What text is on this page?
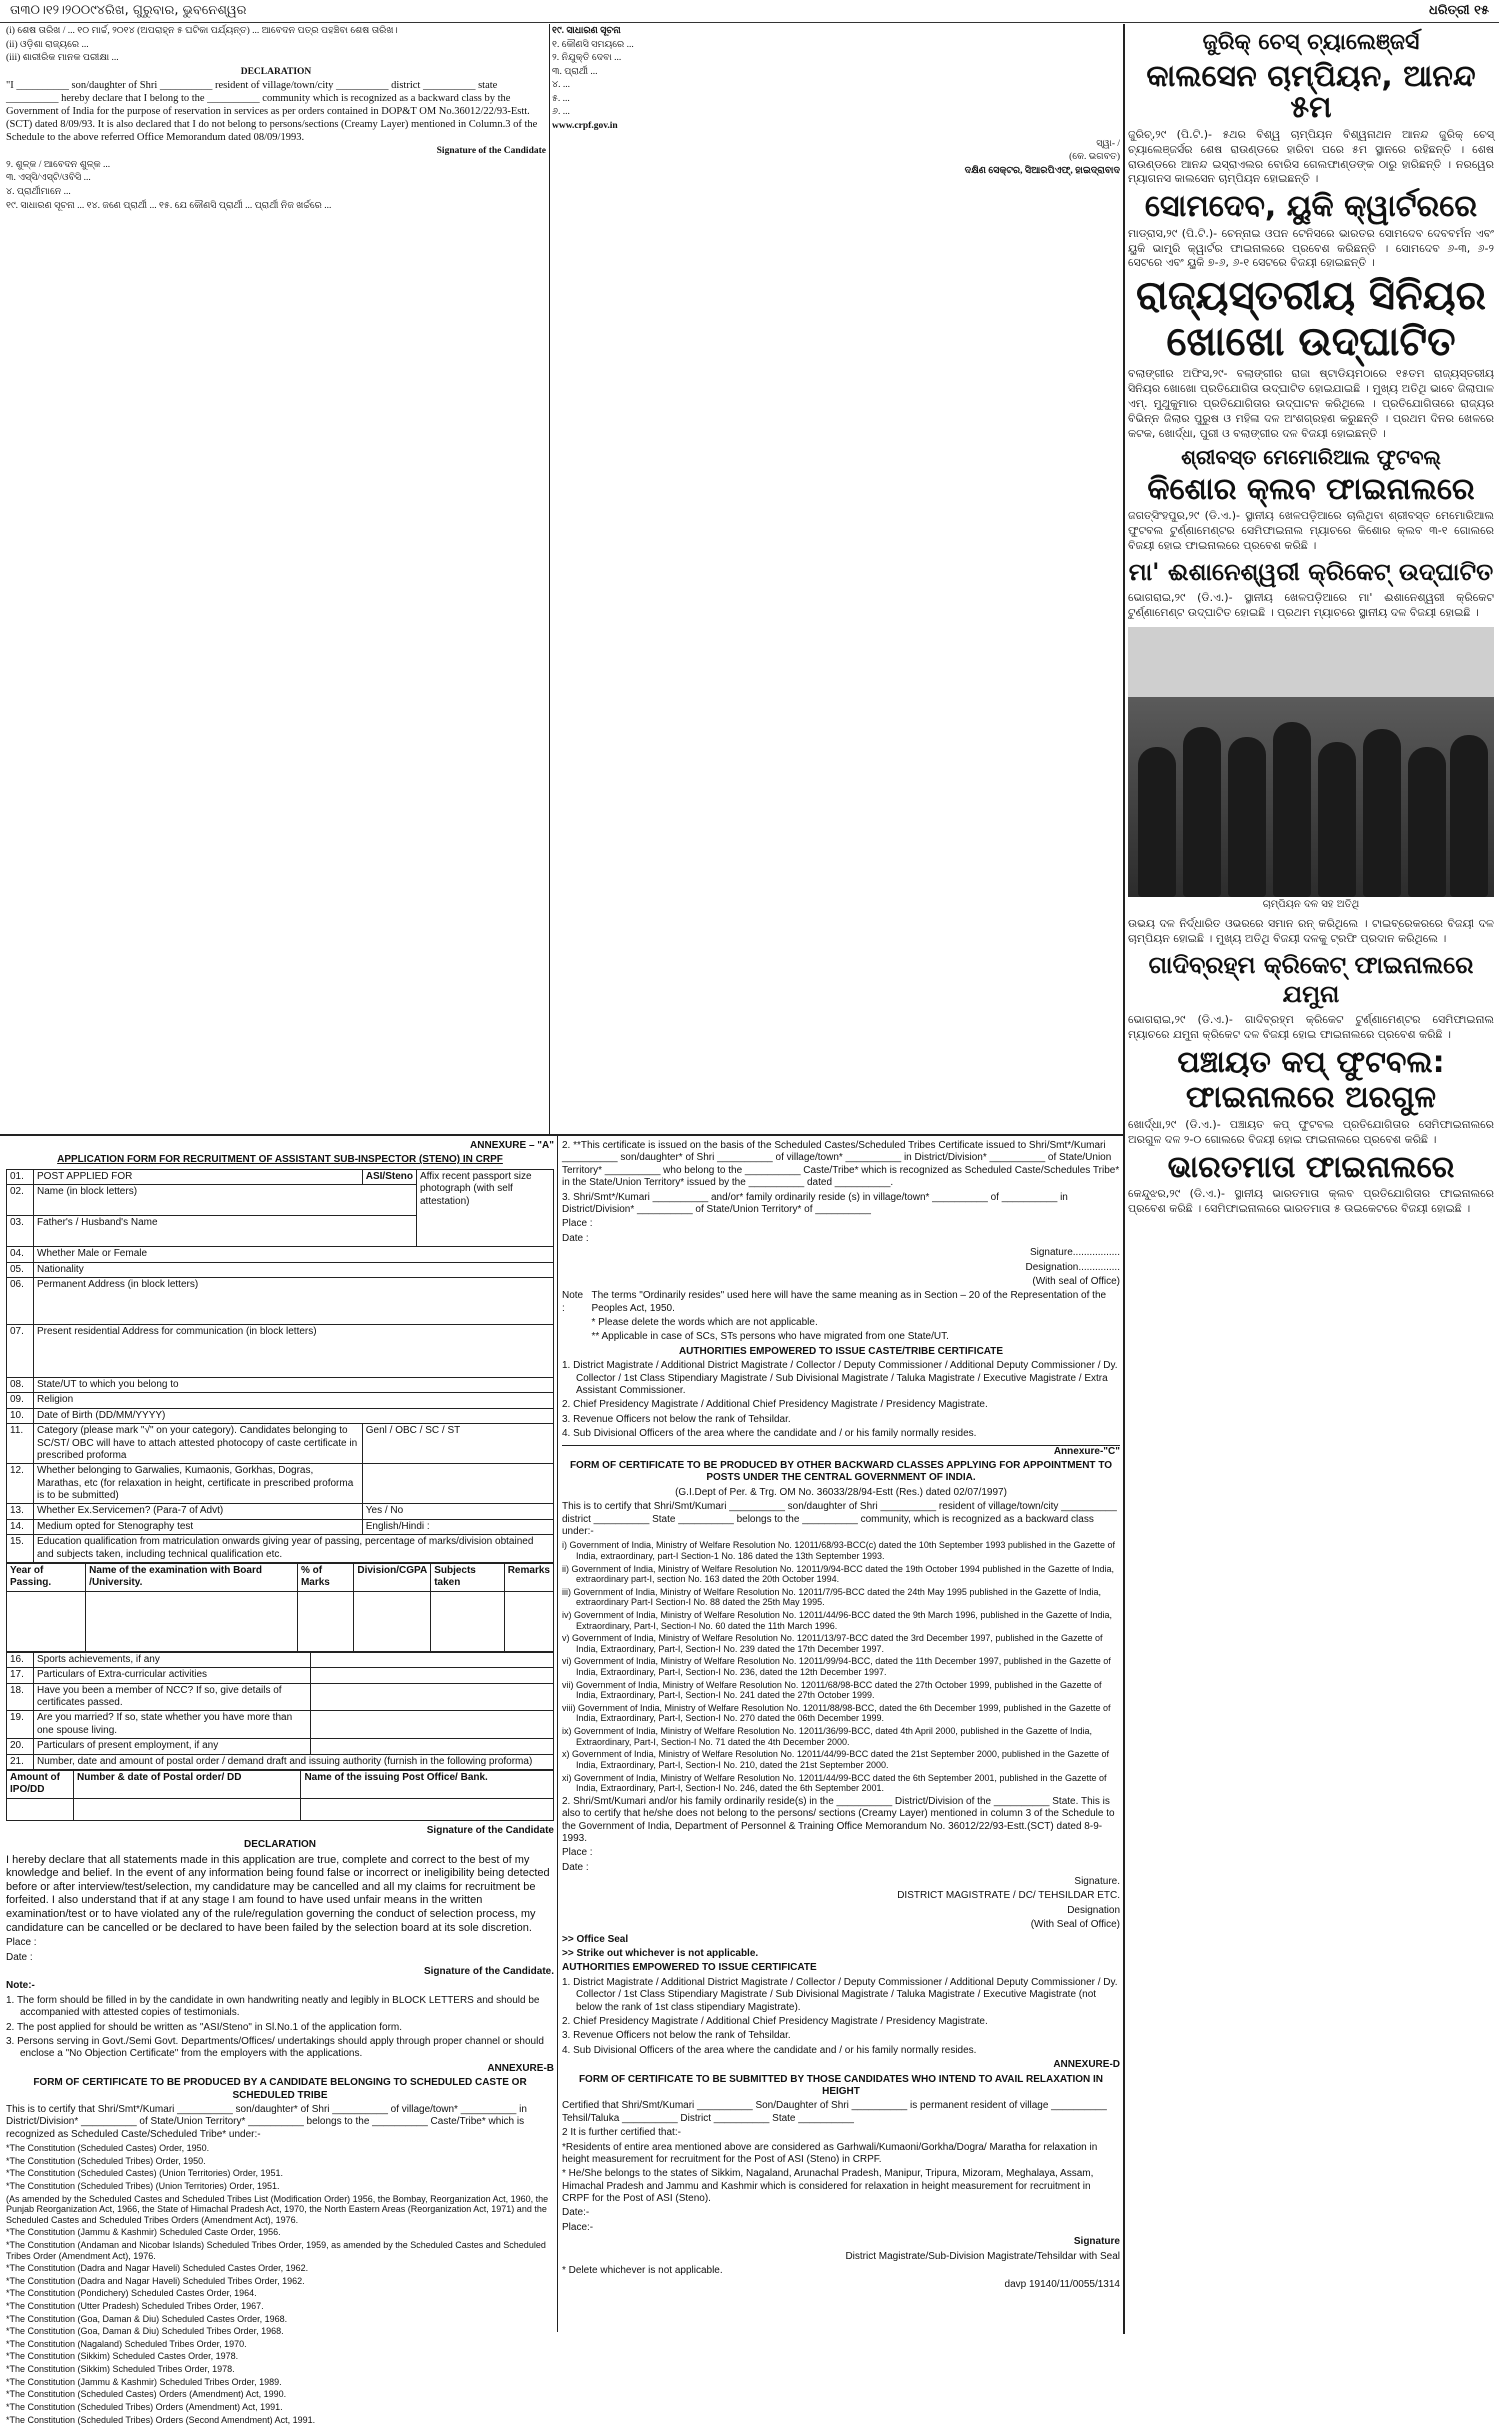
ତା୩୦।୧୨।୨୦୦୯୪ରିଖ, ଗୁରୁବାର, ଭୁବନେଶ୍ୱର	ଧରିତ୍ରୀ ୧୫

(i) ଶେଷ ତାରିଖ / ... ୧୦ ମାର୍ଚ୍ଚ, ୨୦୧୪ (ଅପରାହ୍ନ ୫ ଘଟିକା ପର୍ଯ୍ୟନ୍ତ) ... ଆବେଦନ ପତ୍ର ପହଞ୍ଚିବା ଶେଷ ତାରିଖ।

(ii) ଓଡ଼ିଶା ରାଜ୍ୟରେ ...

(iii) ଶାରୀରିକ ମାନକ ପରୀକ୍ଷା ...

DECLARATION

"I __________ son/daughter of Shri __________ resident of village/town/city __________ district __________ state __________ hereby declare that I belong to the __________ community which is recognized as a backward class by the Government of India for the purpose of reservation in services as per orders contained in DOP&T OM No.36012/22/93-Estt.(SCT) dated 8/09/93. It is also declared that I do not belong to persons/sections (Creamy Layer) mentioned in Column.3 of the Schedule to the above referred Office Memorandum dated 08/09/1993.

Signature of the Candidate

୨. ଶୁଳ୍କ / ଆବେଦନ ଶୁଳ୍କ ...

୩. ଏସ୍‌ସି/ଏସ୍‌ଟି/ଓବିସି ...

୪. ପ୍ରାର୍ଥୀମାନେ ...

୧୯. ସାଧାରଣ ସୂଚନା ... ୧୪. ଜଣେ ପ୍ରାର୍ଥୀ ... ୧୫. ଯେ କୌଣସି ପ୍ରାର୍ଥୀ ... ପ୍ରାର୍ଥୀ ନିଜ ଖର୍ଚ୍ଚରେ ...

୧୯. ସାଧାରଣ ସୂଚନା

୧. କୌଣସି ସମୟରେ ...

୨. ନିଯୁକ୍ତି ଦେବା ...

୩. ପ୍ରାର୍ଥୀ ...

୪. ...

୫. ...

୬. ...

www.crpf.gov.in

ସ୍ୱା- /

(କେ. ଭଗବତ)

ଦକ୍ଷିଣ ସେକ୍ଟର, ସିଆରପିଏଫ୍, ହାଇଦ୍ରାବାଦ

ANNEXURE – "A"

APPLICATION FORM FOR RECRUITMENT OF ASSISTANT SUB-INSPECTOR (STENO) IN CRPF

01.	POST APPLIED FOR	ASI/Steno	Affix recent passport size photograph (with self attestation)
02.	Name (in block letters)		
03.	Father's / Husband's Name		
04.	Whether Male or Female		
05.	Nationality		
06.	Permanent Address (in block letters)		
07.	Present residential Address for communication (in block letters)		
08.	State/UT to which you belong to		
09.	Religion		
10.	Date of Birth (DD/MM/YYYY)		
11.	Category (please mark "√" on your category). Candidates belonging to SC/ST/ OBC will have to attach attested photocopy of caste certificate in prescribed proforma	Genl / OBC / SC / ST	
12.	Whether belonging to Garwalies, Kumaonis, Gorkhas, Dogras, Marathas, etc (for relaxation in height, certificate in prescribed proforma is to be submitted)		
13.	Whether Ex.Servicemen? (Para-7 of Advt)	Yes / No	
14.	Medium opted for Stenography test	English/Hindi :	
15.	Education qualification from matriculation onwards giving year of passing, percentage of marks/division obtained and subjects taken, including technical qualification etc.		
Year of Passing.	Name of the examination with Board /University.	% of Marks	Division/CGPA	Subjects taken	Remarks

16.	Sports achievements, if any	
17.	Particulars of Extra-curricular activities	
18.	Have you been a member of NCC? If so, give details of certificates passed.	
19.	Are you married? If so, state whether you have more than one spouse living.	
20.	Particulars of present employment, if any	
21.	Number, date and amount of postal order / demand draft and issuing authority (furnish in the following proforma)	
Amount of IPO/DD	Number & date of Postal order/ DD	Name of the issuing Post Office/ Bank.

Signature of the Candidate

DECLARATION

I hereby declare that all statements made in this application are true, complete and correct to the best of my knowledge and belief. In the event of any information being found false or incorrect or ineligibility being detected before or after interview/test/selection, my candidature may be cancelled and all my claims for recruitment be forfeited. I also understand that if at any stage I am found to have used unfair means in the written examination/test or to have violated any of the rule/regulation governing the conduct of selection process, my candidature can be cancelled or be declared to have been failed by the selection board at its sole discretion.

Place :

Date :

Signature of the Candidate.

Note:-

1. The form should be filled in by the candidate in own handwriting neatly and legibly in BLOCK LETTERS and should be accompanied with attested copies of testimonials.

2. The post applied for should be written as "ASI/Steno" in Sl.No.1 of the application form.

3. Persons serving in Govt./Semi Govt. Departments/Offices/ undertakings should apply through proper channel or should enclose a "No Objection Certificate" from the employers with the applications.

ANNEXURE-B

FORM OF CERTIFICATE TO BE PRODUCED BY A CANDIDATE BELONGING TO SCHEDULED CASTE OR SCHEDULED TRIBE

This is to certify that Shri/Smt*/Kumari __________ son/daughter* of Shri __________ of village/town* __________ in District/Division* __________ of State/Union Territory* __________ belongs to the __________ Caste/Tribe* which is recognized as Scheduled Caste/Scheduled Tribe* under:-

*The Constitution (Scheduled Castes) Order, 1950.

*The Constitution (Scheduled Tribes) Order, 1950.

*The Constitution (Scheduled Castes) (Union Territories) Order, 1951.

*The Constitution (Scheduled Tribes) (Union Territories) Order, 1951.

(As amended by the Scheduled Castes and Scheduled Tribes List (Modification Order) 1956, the Bombay, Reorganization Act, 1960, the Punjab Reorganization Act, 1966, the State of Himachal Pradesh Act, 1970, the North Eastern Areas (Reorganization Act, 1971) and the Scheduled Castes and Scheduled Tribes Orders (Amendment Act), 1976.

*The Constitution (Jammu & Kashmir) Scheduled Caste Order, 1956.

*The Constitution (Andaman and Nicobar Islands) Scheduled Tribes Order, 1959, as amended by the Scheduled Castes and Scheduled Tribes Order (Amendment Act), 1976.

*The Constitution (Dadra and Nagar Haveli) Scheduled Castes Order, 1962.

*The Constitution (Dadra and Nagar Haveli) Scheduled Tribes Order, 1962.

*The Constitution (Pondichery) Scheduled Castes Order, 1964.

*The Constitution (Utter Pradesh) Scheduled Tribes Order, 1967.

*The Constitution (Goa, Daman & Diu) Scheduled Castes Order, 1968.

*The Constitution (Goa, Daman & Diu) Scheduled Tribes Order, 1968.

*The Constitution (Nagaland) Scheduled Tribes Order, 1970.

*The Constitution (Sikkim) Scheduled Castes Order, 1978.

*The Constitution (Sikkim) Scheduled Tribes Order, 1978.

*The Constitution (Jammu & Kashmir) Scheduled Tribes Order, 1989.

*The Constitution (Scheduled Castes) Orders (Amendment) Act, 1990.

*The Constitution (Scheduled Tribes) Orders (Amendment) Act, 1991.

*The Constitution (Scheduled Tribes) Orders (Second Amendment) Act, 1991.

2. **This certificate is issued on the basis of the Scheduled Castes/Scheduled Tribes Certificate issued to Shri/Smt*/Kumari __________ son/daughter* of Shri __________ of village/town* __________ in District/Division* __________ of State/Union Territory* __________ who belong to the __________ Caste/Tribe* which is recognized as Scheduled Caste/Schedules Tribe* in the State/Union Territory* issued by the __________ dated __________.

3. Shri/Smt*/Kumari __________ and/or* family ordinarily reside (s) in village/town* __________ of __________ in District/Division* __________ of State/Union Territory* of __________

Place :

Date :

Signature.................

Designation...............

(With seal of Office)

Note :

The terms "Ordinarily resides" used here will have the same meaning as in Section – 20 of the Representation of the Peoples Act, 1950.

* Please delete the words which are not applicable.

** Applicable in case of SCs, STs persons who have migrated from one State/UT.

AUTHORITIES EMPOWERED TO ISSUE CASTE/TRIBE CERTIFICATE

1. District Magistrate / Additional District Magistrate / Collector / Deputy Commissioner / Additional Deputy Commissioner / Dy. Collector / 1st Class Stipendiary Magistrate / Sub Divisional Magistrate / Taluka Magistrate / Executive Magistrate / Extra Assistant Commissioner.

2. Chief Presidency Magistrate / Additional Chief Presidency Magistrate / Presidency Magistrate.

3. Revenue Officers not below the rank of Tehsildar.

4. Sub Divisional Officers of the area where the candidate and / or his family normally resides.

Annexure-"C"

FORM OF CERTIFICATE TO BE PRODUCED BY OTHER BACKWARD CLASSES APPLYING FOR APPOINTMENT TO POSTS UNDER THE CENTRAL GOVERNMENT OF INDIA.

(G.I.Dept of Per. & Trg. OM No. 36033/28/94-Estt (Res.) dated 02/07/1997)

This is to certify that Shri/Smt/Kumari __________ son/daughter of Shri __________ resident of village/town/city __________ district __________ State __________ belongs to the __________ community, which is recognized as a backward class under:-

i) Government of India, Ministry of Welfare Resolution No. 12011/68/93-BCC(c) dated the 10th September 1993 published in the Gazette of India, extraordinary, part-I Section-1 No. 186 dated the 13th September 1993.

ii) Government of India, Ministry of Welfare Resolution No. 12011/9/94-BCC dated the 19th October 1994 published in the Gazette of India, extraordinary part-I, section No. 163 dated the 20th October 1994.

iii) Government of India, Ministry of Welfare Resolution No. 12011/7/95-BCC dated the 24th May 1995 published in the Gazette of India, extraordinary Part-I Section-I No. 88 dated the 25th May 1995.

iv) Government of India, Ministry of Welfare Resolution No. 12011/44/96-BCC dated the 9th March 1996, published in the Gazette of India, Extraordinary, Part-I, Section-I No. 60 dated the 11th March 1996.

v) Government of India, Ministry of Welfare Resolution No. 12011/13/97-BCC dated the 3rd December 1997, published in the Gazette of India, Extraordinary, Part-I, Section-I No. 239 dated the 17th December 1997.

vi) Government of India, Ministry of Welfare Resolution No. 12011/99/94-BCC, dated the 11th December 1997, published in the Gazette of India, Extraordinary, Part-I, Section-I No. 236, dated the 12th December 1997.

vii) Government of India, Ministry of Welfare Resolution No. 12011/68/98-BCC dated the 27th October 1999, published in the Gazette of India, Extraordinary, Part-I, Section-I No. 241 dated the 27th October 1999.

viii) Government of India, Ministry of Welfare Resolution No. 12011/88/98-BCC, dated the 6th December 1999, published in the Gazette of India, Extraordinary, Part-I, Section-I No. 270 dated the 06th December 1999.

ix) Government of India, Ministry of Welfare Resolution No. 12011/36/99-BCC, dated 4th April 2000, published in the Gazette of India, Extraordinary, Part-I, Section-I No. 71 dated the 4th December 2000.

x) Government of India, Ministry of Welfare Resolution No. 12011/44/99-BCC dated the 21st September 2000, published in the Gazette of India, Extraordinary, Part-I, Section-I No. 210, dated the 21st September 2000.

xi) Government of India, Ministry of Welfare Resolution No. 12011/44/99-BCC dated the 6th September 2001, published in the Gazette of India, Extraordinary, Part-I, Section-I No. 246, dated the 6th September 2001.

2. Shri/Smt/Kumari and/or his family ordinarily reside(s) in the __________ District/Division of the __________ State. This is also to certify that he/she does not belong to the persons/ sections (Creamy Layer) mentioned in column 3 of the Schedule to the Government of India, Department of Personnel & Training Office Memorandum No. 36012/22/93-Estt.(SCT) dated 8-9-1993.

Place :

Date :

Signature.

DISTRICT MAGISTRATE / DC/ TEHSILDAR ETC.

Designation

(With Seal of Office)

>> Office Seal

>> Strike out whichever is not applicable.

AUTHORITIES EMPOWERED TO ISSUE CERTIFICATE

1. District Magistrate / Additional District Magistrate / Collector / Deputy Commissioner / Additional Deputy Commissioner / Dy. Collector / 1st Class Stipendiary Magistrate / Sub Divisional Magistrate / Taluka Magistrate / Executive Magistrate (not below the rank of 1st class stipendiary Magistrate).

2. Chief Presidency Magistrate / Additional Chief Presidency Magistrate / Presidency Magistrate.

3. Revenue Officers not below the rank of Tehsildar.

4. Sub Divisional Officers of the area where the candidate and / or his family normally resides.

ANNEXURE-D

FORM OF CERTIFICATE TO BE SUBMITTED BY THOSE CANDIDATES WHO INTEND TO AVAIL RELAXATION IN HEIGHT

Certified that Shri/Smt/Kumari __________ Son/Daughter of Shri __________ is permanent resident of village __________ Tehsil/Taluka __________ District __________ State __________

2 It is further certified that:-

*Residents of entire area mentioned above are considered as Garhwali/Kumaoni/Gorkha/Dogra/ Maratha for relaxation in height measurement for recruitment for the Post of ASI (Steno) in CRPF.

* He/She belongs to the states of Sikkim, Nagaland, Arunachal Pradesh, Manipur, Tripura, Mizoram, Meghalaya, Assam, Himachal Pradesh and Jammu and Kashmir which is considered for relaxation in height measurement for recruitment in CRPF for the Post of ASI (Steno).

Date:-

Place:-

Signature

District Magistrate/Sub-Division Magistrate/Tehsildar with Seal

* Delete whichever is not applicable.

davp 19140/11/0055/1314

ଜୁରିକ୍ ଚେସ୍ ଚ୍ୟାଲେଞ୍ଜର୍ସ

କାଲସେନ ଚାମ୍ପିୟନ, ଆନନ୍ଦ ୫ମ

ଜୁରିଚ୍,୨୯ (ପି.ଟି.)- ୫ଥର ବିଶ୍ୱ ଚାମ୍ପିୟନ ବିଶ୍ୱନାଥନ ଆନନ୍ଦ ଜୁରିକ୍ ଚେସ୍ ଚ୍ୟାଲେଞ୍ଜର୍ସର ଶେଷ ରାଉଣ୍ଡରେ ହାରିବା ପରେ ୫ମ ସ୍ଥାନରେ ରହିଛନ୍ତି । ଶେଷ ରାଉଣ୍ଡରେ ଆନନ୍ଦ ଇସ୍ରାଏଲର ବୋରିସ ଗେଲଫାଣ୍ଡଙ୍କ ଠାରୁ ହାରିଛନ୍ତି । ନରୱେର ମ୍ୟାଗନସ କାଲସେନ ଚାମ୍ପିୟନ ହୋଇଛନ୍ତି ।

ସୋମଦେବ, ୟୁକି କ୍ୱାର୍ଟରରେ

ମାଡ୍ରାସ,୨୯ (ପି.ଟି.)- ଚେନ୍ନାଇ ଓପନ ଟେନିସରେ ଭାରତର ସୋମଦେବ ଦେବବର୍ମନ ଏବଂ ୟୁକି ଭାମ୍ବ୍ରି କ୍ୱାର୍ଟର ଫାଇନାଲରେ ପ୍ରବେଶ କରିଛନ୍ତି । ସୋମଦେବ ୬-୩, ୬-୨ ସେଟରେ ଏବଂ ୟୁକି ୭-୬, ୬-୧ ସେଟରେ ବିଜୟୀ ହୋଇଛନ୍ତି ।

ରାଜ୍ୟସ୍ତରୀୟ ସିନିୟର

ଖୋଖୋ ଉଦ୍‌ଘାଟିତ

ବଲାଙ୍ଗୀର ଅଫିସ,୨୯- ବଲାଙ୍ଗୀର ରାଜା ଷ୍ଟାଡିୟମଠାରେ ୧୫ତମ ରାଜ୍ୟସ୍ତରୀୟ ସିନିୟର ଖୋଖୋ ପ୍ରତିଯୋଗିତା ଉଦ୍‌ଘାଟିତ ହୋଇଯାଇଛି । ମୁଖ୍ୟ ଅତିଥି ଭାବେ ଜିଲାପାଳ ଏମ୍. ମୁଥୁକୁମାର ପ୍ରତିଯୋଗିତାର ଉଦ୍‌ଘାଟନ କରିଥିଲେ । ପ୍ରତିଯୋଗିତାରେ ରାଜ୍ୟର ବିଭିନ୍ନ ଜିଲାର ପୁରୁଷ ଓ ମହିଳା ଦଳ ଅଂଶଗ୍ରହଣ କରୁଛନ୍ତି । ପ୍ରଥମ ଦିନର ଖେଳରେ କଟକ, ଖୋର୍ଦ୍ଧା, ପୁରୀ ଓ ବଲାଙ୍ଗୀର ଦଳ ବିଜୟୀ ହୋଇଛନ୍ତି ।

ଶ୍ରୀବସ୍ତ ମେମୋରିଆଲ ଫୁଟବଲ୍

କିଶୋର କ୍ଲବ ଫାଇନାଲରେ

ଜଗତ୍‌ସିଂହପୁର,୨୯ (ଡି.ଏ.)- ସ୍ଥାନୀୟ ଖେଳପଡ଼ିଆରେ ଚାଲିଥିବା ଶ୍ରୀବସ୍ତ ମେମୋରିଆଲ ଫୁଟବଲ ଟୁର୍ଣ୍ଣାମେଣ୍ଟର ସେମିଫାଇନାଲ ମ୍ୟାଚରେ କିଶୋର କ୍ଲବ ୩-୧ ଗୋଲରେ ବିଜୟୀ ହୋଇ ଫାଇନାଲରେ ପ୍ରବେଶ କରିଛି ।

ମା' ଈଶାନେଶ୍ୱରୀ କ୍ରିକେଟ୍ ଉଦ୍‌ଘାଟିତ

ଭୋଗରାଇ,୨୯ (ଡି.ଏ.)- ସ୍ଥାନୀୟ ଖେଳପଡ଼ିଆରେ ମା' ଈଶାନେଶ୍ୱରୀ କ୍ରିକେଟ ଟୁର୍ଣ୍ଣାମେଣ୍ଟ ଉଦ୍‌ଘାଟିତ ହୋଇଛି । ପ୍ରଥମ ମ୍ୟାଚରେ ସ୍ଥାନୀୟ ଦଳ ବିଜୟୀ ହୋଇଛି ।

ଚାମ୍ପିୟନ ଦଳ ସହ ଅତିଥି

ଉଭୟ ଦଳ ନିର୍ଦ୍ଧାରିତ ଓଭରରେ ସମାନ ରନ୍ କରିଥିଲେ । ଟାଇବ୍ରେକରରେ ବିଜୟୀ ଦଳ ଚାମ୍ପିୟନ ହୋଇଛି । ମୁଖ୍ୟ ଅତିଥି ବିଜୟୀ ଦଳକୁ ଟ୍ରଫି ପ୍ରଦାନ କରିଥିଲେ ।

ଗାଦିବ୍ରହ୍ମ କ୍ରିକେଟ୍ ଫାଇନାଲରେ ଯମୁନା

ଭୋଗରାଇ,୨୯ (ଡି.ଏ.)- ଗାଦିବ୍ରହ୍ମ କ୍ରିକେଟ ଟୁର୍ଣ୍ଣାମେଣ୍ଟର ସେମିଫାଇନାଲ ମ୍ୟାଚରେ ଯମୁନା କ୍ରିକେଟ ଦଳ ବିଜୟୀ ହୋଇ ଫାଇନାଲରେ ପ୍ରବେଶ କରିଛି ।

ପଞ୍ଚାୟତ କପ୍ ଫୁଟବଲ:

ଫାଇନାଲରେ ଅରଗୁଳ

ଖୋର୍ଦ୍ଧା,୨୯ (ଡି.ଏ.)- ପଞ୍ଚାୟତ କପ୍ ଫୁଟବଲ ପ୍ରତିଯୋଗିତାର ସେମିଫାଇନାଲରେ ଅରଗୁଳ ଦଳ ୨-୦ ଗୋଲରେ ବିଜୟୀ ହୋଇ ଫାଇନାଲରେ ପ୍ରବେଶ କରିଛି ।

ଭାରତମାତା ଫାଇନାଲରେ

କେନ୍ଦୁଝର,୨୯ (ଡି.ଏ.)- ସ୍ଥାନୀୟ ଭାରତମାତା କ୍ଲବ ପ୍ରତିଯୋଗିତାର ଫାଇନାଲରେ ପ୍ରବେଶ କରିଛି । ସେମିଫାଇନାଲରେ ଭାରତମାତା ୫ ଉଇକେଟରେ ବିଜୟୀ ହୋଇଛି ।
